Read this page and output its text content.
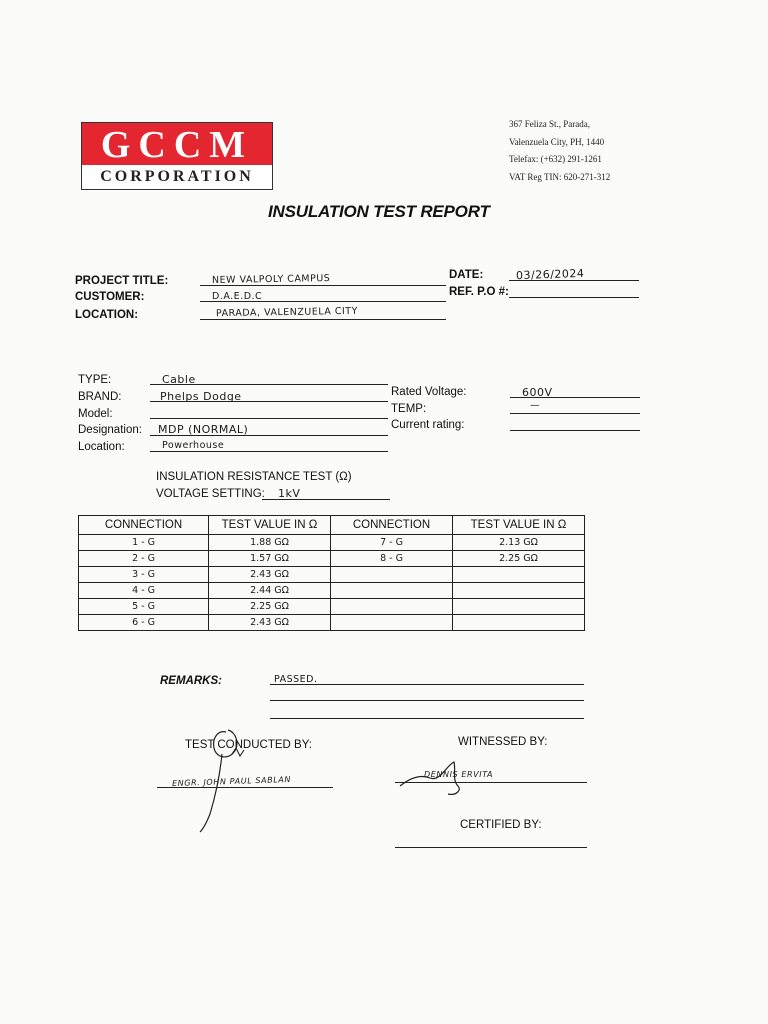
GCCM
CORPORATION
367 Feliza St., Parada,
Valenzuela City, PH, 1440
Telefax: (+632) 291-1261
VAT Reg TIN: 620-271-312
INSULATION TEST REPORT
PROJECT TITLE:	NEW VALPOLY CAMPUS
CUSTOMER:	D.A.E.D.C
LOCATION:	PARADA, VALENZUELA CITY
DATE:	03/26/2024
REF. P.O #:
TYPE:	Cable
BRAND:	Phelps Dodge
Model:
Designation: MDP (NORMAL)
Location:	Powerhouse
Rated Voltage:	600V
TEMP:	—
Current rating:
INSULATION RESISTANCE TEST (Ω)
VOLTAGE SETTING: 1kV
CONNECTION	TEST VALUE IN Ω	CONNECTION	TEST VALUE IN Ω
1 - G	1.88 GΩ	7 - G	2.13 GΩ
2 - G	1.57 GΩ	8 - G	2.25 GΩ
3 - G	2.43 GΩ		
4 - G	2.44 GΩ		
5 - G	2.25 GΩ		
6 - G	2.43 GΩ		
REMARKS:	PASSED.
TEST CONDUCTED BY:
ENGR. JOHN PAUL SABLAN
WITNESSED BY:
DENNIS ERVITA
CERTIFIED BY:
